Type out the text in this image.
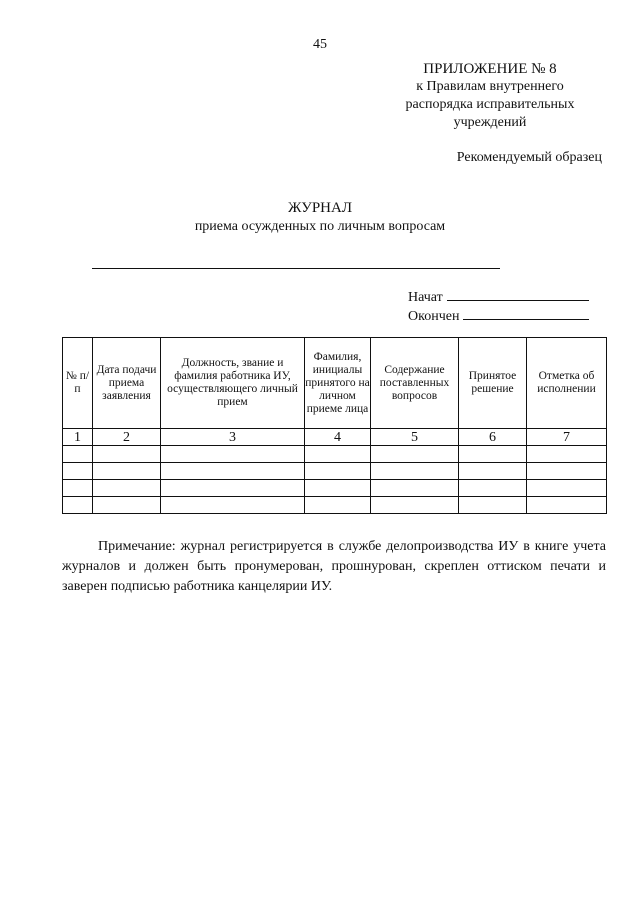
45
ПРИЛОЖЕНИЕ № 8
к Правилам внутреннего
распорядка исправительных
учреждений
Рекомендуемый образец
ЖУРНАЛ
приема осужденных по личным вопросам
Начат
Окончен
№ п/п	Дата подачи приема заявления	Должность, звание и фамилия работника ИУ, осуществляющего личный прием	Фамилия, инициалы принятого на личном приеме лица	Содержание поставленных вопросов	Принятое решение	Отметка об исполнении
1	2	3	4	5	6	7

Примечание: журнал регистрируется в службе делопроизводства ИУ в книге учета журналов и должен быть пронумерован, прошнурован, скреплен оттиском печати и заверен подписью работника канцелярии ИУ.
